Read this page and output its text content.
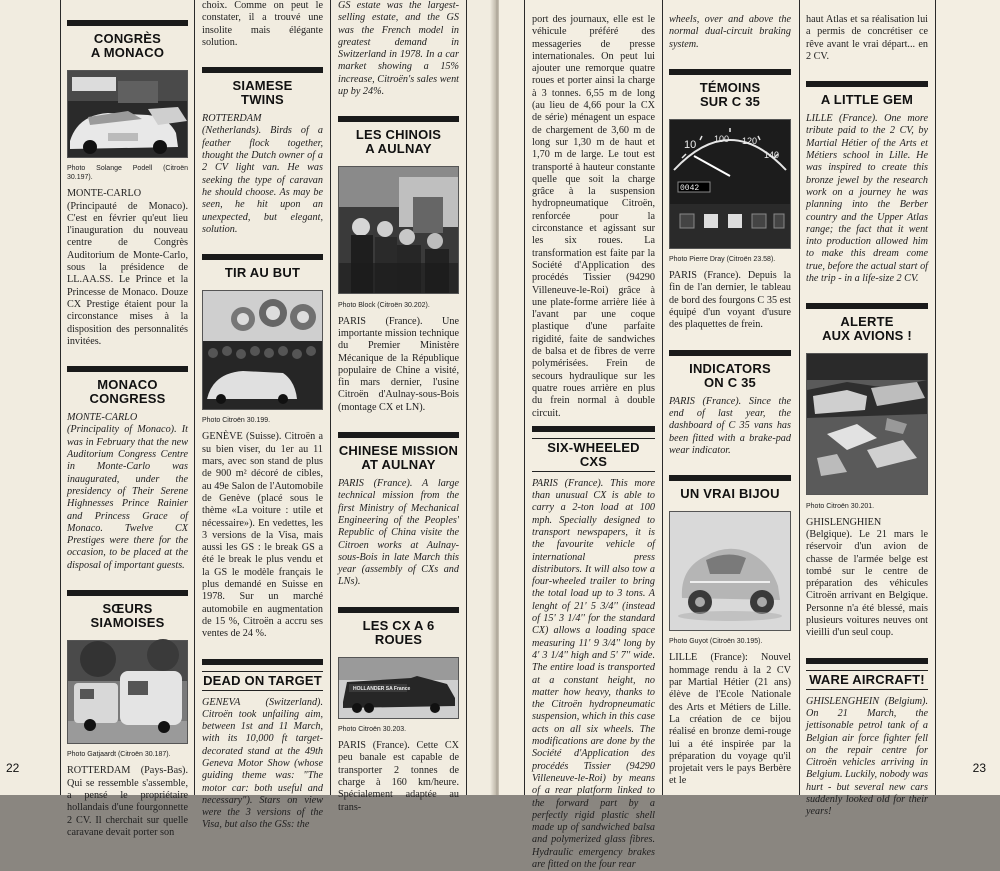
CONGRÈS
A MONACO
Photo Solange Podell (Citroën 30.197).

MONTE-CARLO (Principauté de Monaco). C'est en février qu'eut lieu l'inauguration du nouveau centre de Congrès Auditorium de Monte-Carlo, sous la présidence de LL.AA.SS. Le Prince et la Princesse de Monaco. Douze CX Prestige étaient pour la circonstance mises à la disposition des personnalités invitées.

MONACO
CONGRESS

MONTE-CARLO (Principality of Monaco). It was in February that the new Auditorium Congress Centre in Monte-Carlo was inaugurated, under the presidency of Their Serene Highnesses Prince Rainier and Princess Grace of Monaco. Twelve CX Prestiges were there for the occasion, to be placed at the disposal of important guests.

SŒURS
SIAMOISES
Photo Gatjaardt (Citroën 30.187).

ROTTERDAM (Pays-Bas). Qui se ressemble s'assemble, a pensé le propriétaire hollandais d'une fourgonnette 2 CV. Il cherchait sur quelle caravane devait porter son

choix. Comme on peut le constater, il a trouvé une insolite mais élégante solution.

SIAMESE
TWINS

ROTTERDAM (Netherlands). Birds of a feather flock together, thought the Dutch owner of a 2 CV light van. He was seeking the type of caravan he should choose. As may be seen, he hit upon an unexpected, but elegant, solution.

TIR AU BUT
Photo Citroën 30.199.

GENÈVE (Suisse). Citroën a su bien viser, du 1er au 11 mars, avec son stand de plus de 900 m² décoré de cibles, au 49e Salon de l'Automobile de Genève (placé sous le thème «La voiture : utile et nécessaire»). En vedettes, les 3 versions de la Visa, mais aussi les GS : le break GS a été le break le plus vendu et la GS le modèle français le plus demandé en Suisse en 1978. Sur un marché automobile en augmentation de 15 %, Citroën a accru ses ventes de 24 %.

DEAD ON TARGET

GENEVA (Switzerland). Citroën took unfailing aim, between 1st and 11 March, with its 10,000 ft target-decorated stand at the 49th Geneva Motor Show (whose guiding theme was: "The motor car: both useful and necessary"). Stars on view were the 3 versions of the Visa, but also the GSs: the

GS estate was the largest-selling estate, and the GS was the French model in greatest demand in Switzerland in 1978. In a car market showing a 15% increase, Citroën's sales went up by 24%.

LES CHINOIS
A AULNAY
Photo Block (Citroën 30.202).

PARIS (France). Une importante mission technique du Premier Ministère Mécanique de la République populaire de Chine a visité, fin mars dernier, l'usine Citroën d'Aulnay-sous-Bois (montage CX et LN).

CHINESE MISSION
AT AULNAY

PARIS (France). A large technical mission from the first Ministry of Mechanical Engineering of the Peoples' Republic of China visite the Citroen works at Aulnay-sous-Bois in late March this year (assembly of CXs and LNs).

LES CX A 6 ROUES
HOLLANDER SA France
Photo Citroën 30.203.

PARIS (France). Cette CX peu banale est capable de transporter 2 tonnes de charge à 160 km/heure. Spécialement adaptée au trans-

22

port des journaux, elle est le véhicule préféré des messageries de presse internationales. On peut lui ajouter une remorque quatre roues et porter ainsi la charge à 3 tonnes. 6,55 m de long (au lieu de 4,66 pour la CX de série) ménagent un espace de chargement de 3,60 m de long sur 1,30 m de haut et 1,70 m de large. Le tout est transporté à hauteur constante quelle que soit la charge grâce à la suspension hydropneumatique Citroën, renforcée pour la circonstance et agissant sur les six roues. La transformation est faite par la Société d'Application des procédés Tissier (94290 Villeneuve-le-Roi) grâce à une plate-forme arrière liée à l'avant par une coque plastique d'une parfaite rigidité, faite de sandwiches de balsa et de fibres de verre polymérisées. Frein de secours hydraulique sur les quatre roues arrière en plus du frein normal à double circuit.

SIX-WHEELED CXS

PARIS (France). This more than unusual CX is able to carry a 2-ton load at 100 mph. Specially designed to transport newspapers, it is the favourite vehicle of international press distributors. It will also tow a four-wheeled trailer to bring the total load up to 3 tons. A lenght of 21' 5 3/4'' (instead of 15' 3 1/4'' for the standard CX) allows a loading space measuring 11' 9 3/4'' long by 4' 3 1/4'' high and 5' 7'' wide. The entire load is transported at a constant height, no matter how heavy, thanks to the Citroën hydropneumatic suspension, which in this case acts on all six wheels. The modifications are done by the Société d'Application des procédés Tissier (94290 Villeneuve-le-Roi) by means of a rear platform linked to the forward part by a perfectly rigid plastic shell made up of sandwiched balsa and polymerized glass fibres. Hydraulic emergency brakes are fitted on the four rear

wheels, over and above the normal dual-circuit braking system.

TÉMOINS
SUR C 35
10 100 120
140
0042
Photo Pierre Dray (Citroën 23.58).

PARIS (France). Depuis la fin de l'an dernier, le tableau de bord des fourgons C 35 est équipé d'un voyant d'usure des plaquettes de frein.

INDICATORS
ON C 35

PARIS (France). Since the end of last year, the dashboard of C 35 vans has been fitted with a brake-pad wear indicator.

UN VRAI BIJOU
Photo Guyot (Citroën 30.195).

LILLE (France): Nouvel hommage rendu à la 2 CV par Martial Hétier (21 ans) élève de l'Ecole Nationale des Arts et Métiers de Lille. La création de ce bijou réalisé en bronze demi-rouge lui a été inspirée par la préparation du voyage qu'il projetait vers le pays Berbère et le

haut Atlas et sa réalisation lui a permis de concrétiser ce rêve avant le vrai départ... en 2 CV.

A LITTLE GEM

LILLE (France). One more tribute paid to the 2 CV, by Martial Hétier of the Arts et Métiers school in Lille. He was inspired to create this bronze jewel by the research work on a journey he was planning into the Berber country and the Upper Atlas range; the fact that it went into production allowed him to make this dream come true, before the actual start of the trip - in a life-size 2 CV.

ALERTE
AUX AVIONS !
Photo Citroën 30.201.

GHISLENGHIEN (Belgique). Le 21 mars le réservoir d'un avion de chasse de l'armée belge est tombé sur le centre de préparation des véhicules Citroën arrivant en Belgique. Personne n'a été blessé, mais plusieurs voitures neuves ont vieilli d'un seul coup.

WARE AIRCRAFT!

GHISLENGHEIN (Belgium). On 21 March, the jettisonable petrol tank of a Belgian air force fighter fell on the repair centre for Citroën vehicles arriving in Belgium. Luckily, nobody was hurt - but several new cars suddenly looked old for their years!

23
